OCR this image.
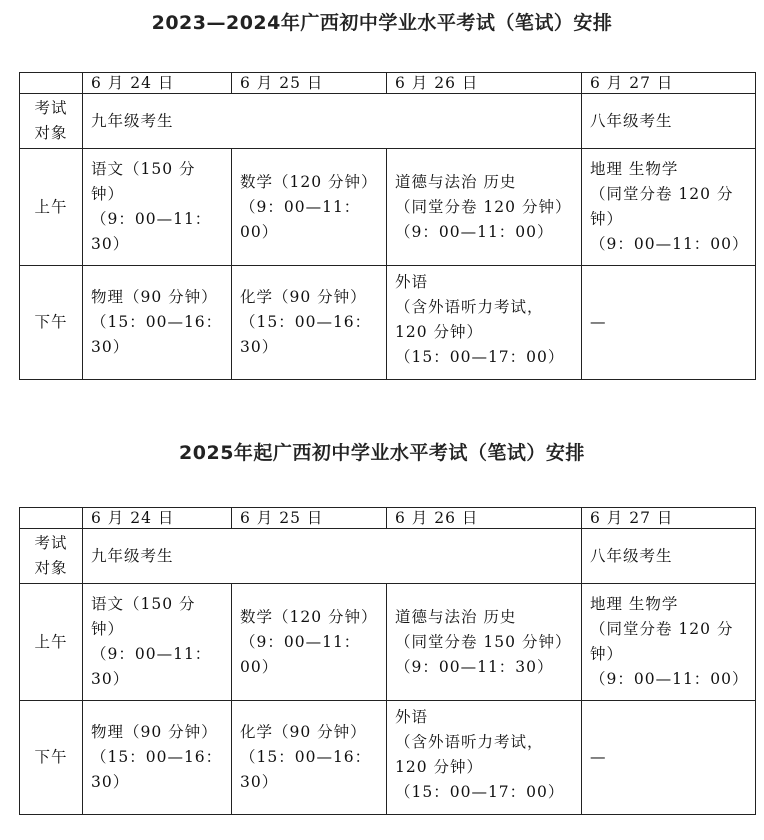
2023—2024年广西初中学业水平考试（笔试）安排
	6 月 24 日	6 月 25 日	6 月 26 日	6 月 27 日
考试
对象	九年级考生			八年级考生
上午	语文（150 分钟）
（9：00—11：
30）	数学（120 分钟）
（9：00—11：00）	道德与法治 历史
（同堂分卷 120 分钟）
（9：00—11：00）	地理 生物学
（同堂分卷 120 分
钟）
（9：00—11：00）
下午	物理（90 分钟）
（15：00—16：
30）	化学（90 分钟）
（15：00—16：
30）	外语
（含外语听力考试，
120 分钟）
（15：00—17：00）	—
2025年起广西初中学业水平考试（笔试）安排
	6 月 24 日	6 月 25 日	6 月 26 日	6 月 27 日
考试
对象	九年级考生			八年级考生
上午	语文（150 分钟）
（9：00—11：
30）	数学（120 分钟）
（9：00—11：00）	道德与法治 历史
（同堂分卷 150 分钟）
（9：00—11：30）	地理 生物学
（同堂分卷 120 分
钟）
（9：00—11：00）
下午	物理（90 分钟）
（15：00—16：
30）	化学（90 分钟）
（15：00—16：
30）	外语
（含外语听力考试，
120 分钟）
（15：00—17：00）	—
